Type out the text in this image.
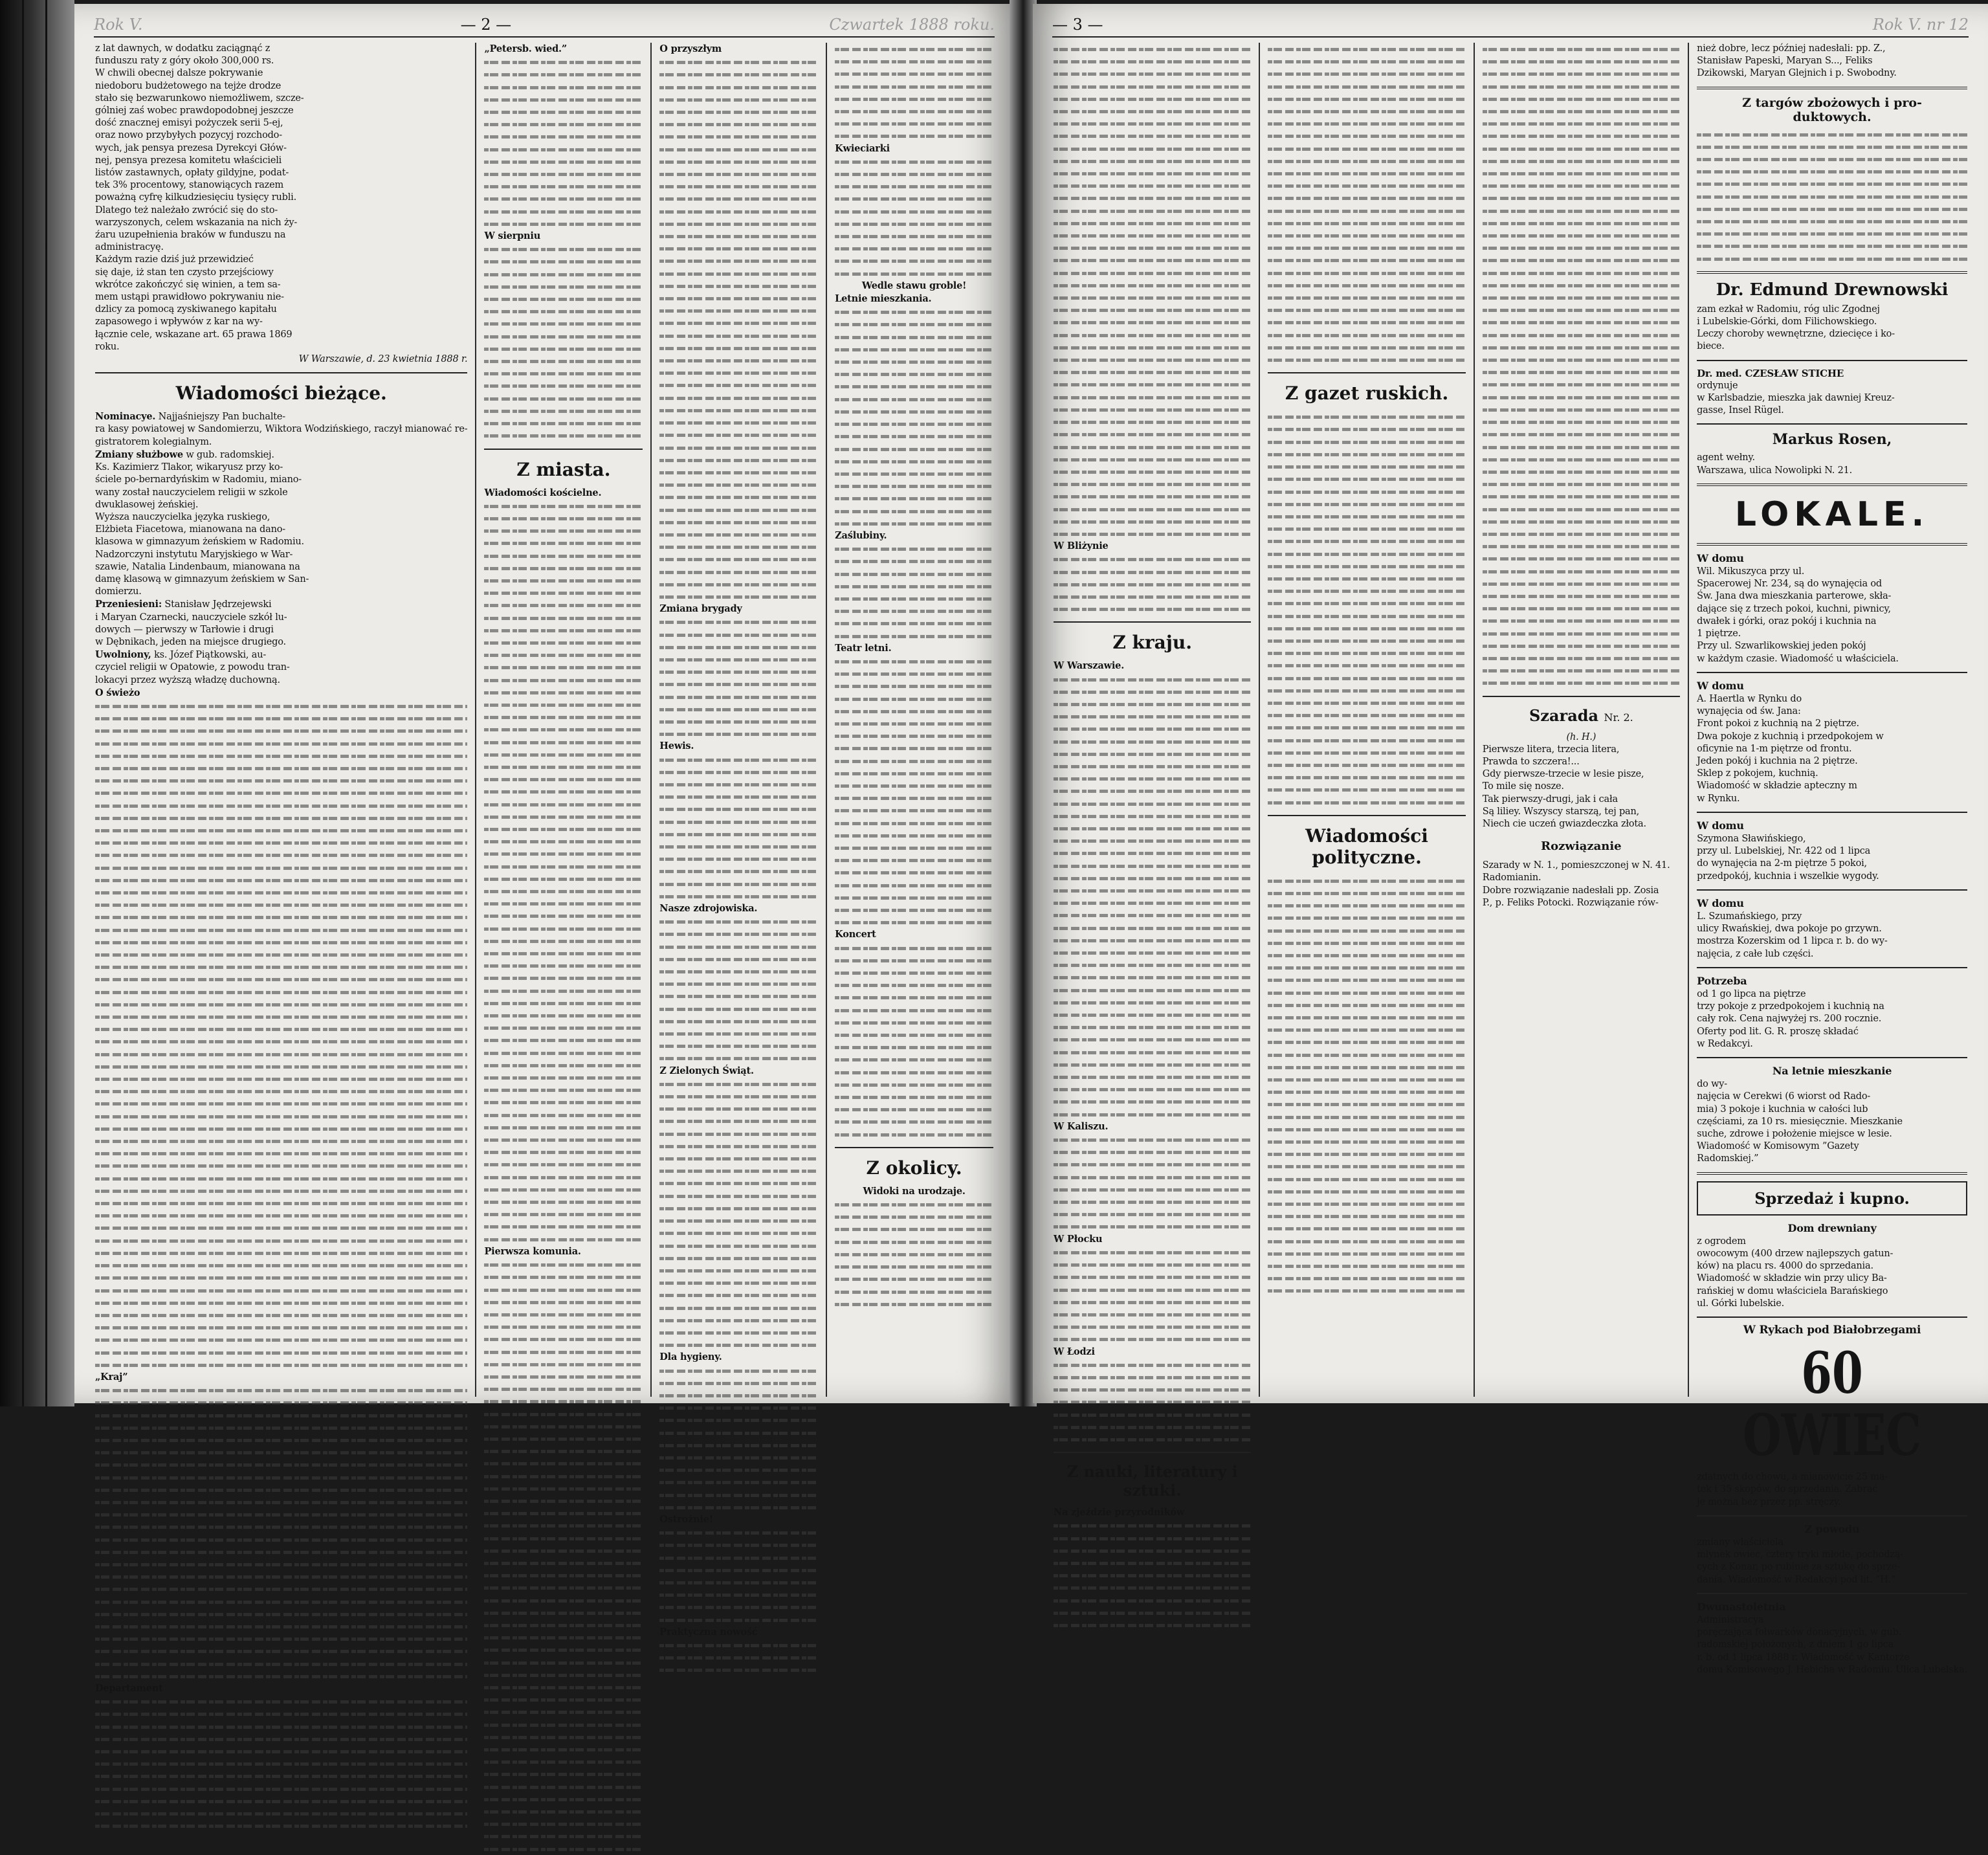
Rok V.	— 2 —	Czwartek 1888 roku.
z lat dawnych, w dodatku zaciągnąć z
funduszu raty z góry około 300,000 rs.
W chwili obecnej dalsze pokrywanie
niedoboru budżetowego na tejże drodze
stało się bezwarunkowo niemożliwem, szcze-
gólniej zaś wobec prawdopodobnej jeszcze
dość znacznej emisyi pożyczek serii 5-ej,
oraz nowo przybyłych pozycyj rozchodo-
wych, jak pensya prezesa Dyrekcyi Głów-
nej, pensya prezesa komitetu właścicieli
listów zastawnych, opłaty gildyjne, podat-
tek 3% procentowy, stanowiących razem
poważną cyfrę kilkudziesięciu tysięcy rubli.
Dlatego też należało zwrócić się do sto-
warzyszonych, celem wskazania na nich ży-
źaru uzupełnienia braków w funduszu na
administracyę.
Każdym razie dziś już przewidzieć
się daje, iż stan ten czysto przejściowy
wkrótce zakończyć się winien, a tem sa-
mem ustąpi prawidłowo pokrywaniu nie-
dzlicy za pomocą zyskiwanego kapitału
zapasowego i wpływów z kar na wy-
łącznie cele, wskazane art. 65 prawa 1869
roku.
W Warszawie, d. 23 kwietnia 1888 r.
Wiadomości bieżące.
Nominacye. Najjaśniejszy Pan buchalte-
ra kasy powiatowej w Sandomierzu, Wiktora Wodzińskiego, raczył mianować re-
gistratorem kolegialnym.
Zmiany służbowe w gub. radomskiej.
Ks. Kazimierz Tlakor, wikaryusz przy ko-
ściele po-bernardyńskim w Radomiu, miano-
wany został nauczycielem religii w szkole
dwuklasowej żeńskiej.
Wyższa nauczycielka języka ruskiego,
Elżbieta Fiacetowa, mianowana na dano-
klasowa w gimnazyum żeńskiem w Radomiu.
Nadzorczyni instytutu Maryjskiego w War-
szawie, Natalia Lindenbaum, mianowana na
damę klasową w gimnazyum żeńskiem w San-
domierzu.
Przeniesieni: Stanisław Jędrzejewski
i Maryan Czarnecki, nauczyciele szkół lu-
dowych — pierwszy w Tarłowie i drugi
w Dębnikach, jeden na miejsce drugiego.
Uwolniony, ks. Józef Piątkowski, au-
czyciel religii w Opatowie, z powodu tran-
lokacyi przez wyższą władzę duchowną.
O świeżo
„Kraj”
Departament
„Petersb. wied.”
W sierpniu
Z miasta.
Wiadomości kościelne.
Pierwsza komunia.
O przyszłym
Zmiana brygady
Hewis.
Nasze zdrojowiska.
Z Zielonych Świąt.
Dla hygieny.
Ostrożnie!
Praktyczna nowość
Kwieciarki
Wedle stawu groble!
Letnie mieszkania.
Zaślubiny.
Teatr letni.
Koncert
Z okolicy.
Widoki na urodzaje.
— 3 —	Rok V. nr 12
W Bliżynie
Z kraju.
W Warszawie.
W Kaliszu.
W Płocku
W Łodzi
Z nauki, literatury i sztuki.
Na zjeździe przyrodników
Z gazet ruskich.
Wiadomości polityczne.
Szarada Nr. 2.
(h. H.)
Pierwsze litera, trzecia litera,
Prawda to szczera!...
Gdy pierwsze-trzecie w lesie pisze,
To mile się nosze.
Tak pierwszy-drugi, jak i cała
Są liliey. Wszyscy starszą, tej pan,
Niech cie uczeń gwiazdeczka złota.
Rozwiązanie
Szarady w N. 1., pomieszczonej w N. 41.
Radomianin.
Dobre rozwiązanie nadesłali pp. Zosia
P., p. Feliks Potocki. Rozwiązanie rów-
nież dobre, lecz później nadesłali: pp. Z.,
Stanisław Papeski, Maryan S..., Feliks
Dzikowski, Maryan Glejnich i p. Swobodny.
Z targów zbożowych i pro-
duktowych.
Dr. Edmund Drewnowski
zam ezkał w Radomiu, róg ulic Zgodnej
i Lubelskie-Górki, dom Filichowskiego.
Leczy choroby wewnętrzne, dziecięce i ko-
biece.
Dr. med. CZESŁAW STICHE
ordynuje
w Karlsbadzie, mieszka jak dawniej Kreuz-
gasse, Insel Rügel.
Markus Rosen,
agent wełny.
Warszawa, ulica Nowolipki N. 21.
LOKALE.
W domu
Wil. Mikuszyca przy ul.
Spacerowej Nr. 234, są do wynajęcia od
Św. Jana dwa mieszkania parterowe, skła-
dające się z trzech pokoi, kuchni, piwnicy,
dwałek i górki, oraz pokój i kuchnia na
1 piętrze.
Przy ul. Szwarlikowskiej jeden pokój
w każdym czasie. Wiadomość u właściciela.
W domu
A. Haertla w Rynku do
wynajęcia od św. Jana:
Front pokoi z kuchnią na 2 piętrze.
Dwa pokoje z kuchnią i przedpokojem w
oficynie na 1-m piętrze od frontu.
Jeden pokój i kuchnia na 2 piętrze.
Sklep z pokojem, kuchnią.
Wiadomość w składzie apteczny m
w Rynku.
W domu
Szymona Sławińskiego,
przy ul. Lubelskiej, Nr. 422 od 1 lipca
do wynajęcia na 2-m piętrze 5 pokoi,
przedpokój, kuchnia i wszelkie wygody.
W domu
L. Szumańskiego, przy
ulicy Rwańskiej, dwa pokoje po grzywn.
mostrza Kozerskim od 1 lipca r. b. do wy-
najęcia, z całe lub części.
Potrzeba
od 1 go lipca na piętrze
trzy pokoje z przedpokojem i kuchnią na
cały rok. Cena najwyżej rs. 200 rocznie.
Oferty pod lit. G. R. proszę składać
w Redakcyi.
Na letnie mieszkanie
do wy-
najęcia w Cerekwi (6 wiorst od Rado-
mia) 3 pokoje i kuchnia w całości lub
częściami, za 10 rs. miesięcznie. Mieszkanie
suche, zdrowe i położenie miejsce w lesie.
Wiadomość w Komisowym ”Gazety
Radomskiej.”
Sprzedaż i kupno.
Dom drewniany
z ogrodem
owocowym (400 drzew najlepszych gatun-
ków) na placu rs. 4000 do sprzedania.
Wiadomość w składzie win przy ulicy Ba-
rańskiej w domu właściciela Barańskiego
ul. Górki lubelskie.
W Rykach pod Białobrzegami
60 OWIEC
zdatnych do chowu, a mianowicie 25 ma-
tek i 35 skopów, do sprzedania. Zabrać
je można bez przez pp. stręczy.
Z powodu
zmiany właściciela
mlynek owiec, cztery tryki młode, pochodzą-
cych z Konar, po rubinie za sztukę do sprze-
dania. Wiadomość w Redakcyi pod lit. ”H.”
Dwunastoletnia
Administracya
poręczająca folwarków donacyjnych, w gub.
radomskiej położonych, z dniem 1 go lipca
r. b. od 1 lipca 1888 r. Wiadomość w Kantorze
domu Komisowego J. Hebicha w Radomiu. Ulica Lubelska.
